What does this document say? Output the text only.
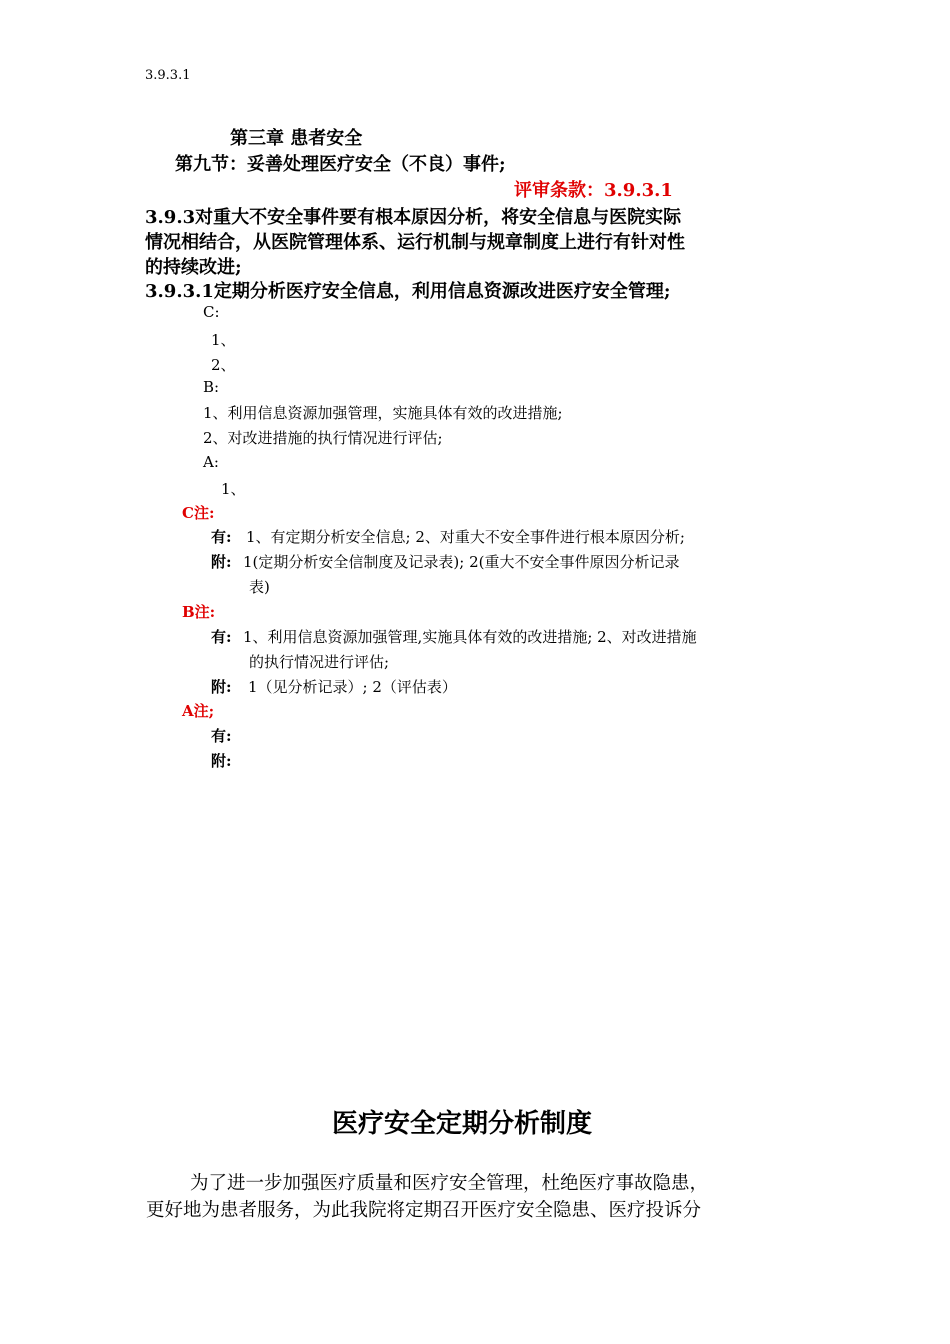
3.9.3.1
第三章 患者安全
第九节：妥善处理医疗安全（不良）事件;
评审条款：3.9.3.1
3.9.3对重大不安全事件要有根本原因分析，将安全信息与医院实际
情况相结合，从医院管理体系、运行机制与规章制度上进行有针对性
的持续改进;
3.9.3.1定期分析医疗安全信息，利用信息资源改进医疗安全管理;
C:
1、
2、
B:
1、利用信息资源加强管理，实施具体有效的改进措施;
2、对改进措施的执行情况进行评估;
A:
1、
C注:
有: 1、有定期分析安全信息; 2、对重大不安全事件进行根本原因分析;
附: 1(定期分析安全信制度及记录表); 2(重大不安全事件原因分析记录
表)
B注:
有: 1、利用信息资源加强管理,实施具体有效的改进措施; 2、对改进措施
的执行情况进行评估;
附: 1（见分析记录）; 2（评估表）
A注;
有:
附:
医疗安全定期分析制度
为了进一步加强医疗质量和医疗安全管理，杜绝医疗事故隐患，
更好地为患者服务，为此我院将定期召开医疗安全隐患、医疗投诉分
